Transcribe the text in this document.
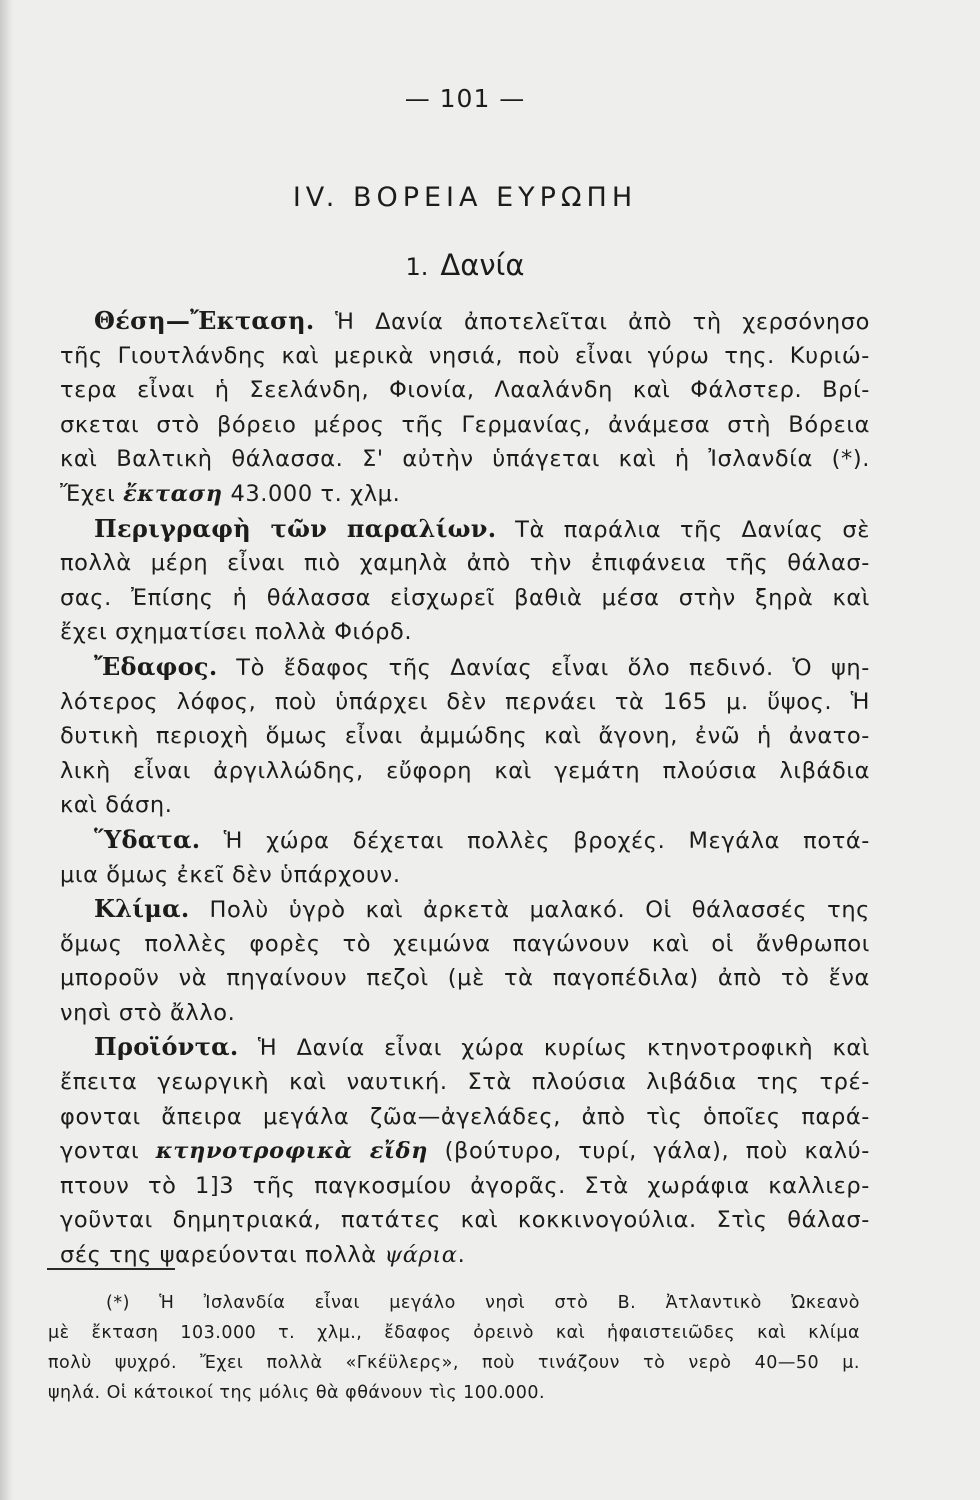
— 101 —
IV. ΒΟΡΕΙΑ ΕΥΡΩΠΗ
1. Δανία
Θέση—Ἔκταση. Ἡ Δανία ἀποτελεῖται ἀπὸ τὴ χερσόνησο
τῆς Γιουτλάνδης καὶ μερικὰ νησιά, ποὺ εἶναι γύρω της. Κυριώ-
τερα εἶναι ἡ Σεελάνδη, Φιονία, Λααλάνδη καὶ Φάλστερ. Βρί-
σκεται στὸ βόρειο μέρος τῆς Γερμανίας, ἀνάμεσα στὴ Βόρεια
καὶ Βαλτικὴ θάλασσα. Σ' αὐτὴν ὑπάγεται καὶ ἡ Ἰσλανδία (*).
Ἔχει ἔκταση 43.000 τ. χλμ.
Περιγραφὴ τῶν παραλίων. Τὰ παράλια τῆς Δανίας σὲ
πολλὰ μέρη εἶναι πιὸ χαμηλὰ ἀπὸ τὴν ἐπιφάνεια τῆς θάλασ-
σας. Ἐπίσης ἡ θάλασσα εἰσχωρεῖ βαθιὰ μέσα στὴν ξηρὰ καὶ
ἔχει σχηματίσει πολλὰ Φιόρδ.
Ἔδαφος. Τὸ ἔδαφος τῆς Δανίας εἶναι ὅλο πεδινό. Ὁ ψη-
λότερος λόφος, ποὺ ὑπάρχει δὲν περνάει τὰ 165 μ. ὕψος. Ἡ
δυτικὴ περιοχὴ ὅμως εἶναι ἀμμώδης καὶ ἄγονη, ἐνῶ ἡ ἀνατο-
λικὴ εἶναι ἀργιλλώδης, εὔφορη καὶ γεμάτη πλούσια λιβάδια
καὶ δάση.
Ὕδατα. Ἡ χώρα δέχεται πολλὲς βροχές. Μεγάλα ποτά-
μια ὅμως ἐκεῖ δὲν ὑπάρχουν.
Κλίμα. Πολὺ ὑγρὸ καὶ ἀρκετὰ μαλακό. Οἱ θάλασσές της
ὅμως πολλὲς φορὲς τὸ χειμώνα παγώνουν καὶ οἱ ἄνθρωποι
μποροῦν νὰ πηγαίνουν πεζοὶ (μὲ τὰ παγοπέδιλα) ἀπὸ τὸ ἕνα
νησὶ στὸ ἄλλο.
Προϊόντα. Ἡ Δανία εἶναι χώρα κυρίως κτηνοτροφικὴ καὶ
ἔπειτα γεωργικὴ καὶ ναυτική. Στὰ πλούσια λιβάδια της τρέ-
φονται ἄπειρα μεγάλα ζῶα—ἀγελάδες, ἀπὸ τὶς ὁποῖες παρά-
γονται κτηνοτροφικὰ εἴδη (βούτυρο, τυρί, γάλα), ποὺ καλύ-
πτουν τὸ 1]3 τῆς παγκοσμίου ἀγορᾶς. Στὰ χωράφια καλλιερ-
γοῦνται δημητριακά, πατάτες καὶ κοκκινογούλια. Στὶς θάλασ-
σές της ψαρεύονται πολλὰ ψάρια.
(*) Ἡ Ἰσλανδία εἶναι μεγάλο νησὶ στὸ Β. Ἀτλαντικὸ Ὠκεανὸ
μὲ ἔκταση 103.000 τ. χλμ., ἔδαφος ὀρεινὸ καὶ ἡφαιστειῶδες καὶ κλίμα
πολὺ ψυχρό. Ἔχει πολλὰ «Γκέϋλερς», ποὺ τινάζουν τὸ νερὸ 40—50 μ.
ψηλά. Οἱ κάτοικοί της μόλις θὰ φθάνουν τὶς 100.000.
